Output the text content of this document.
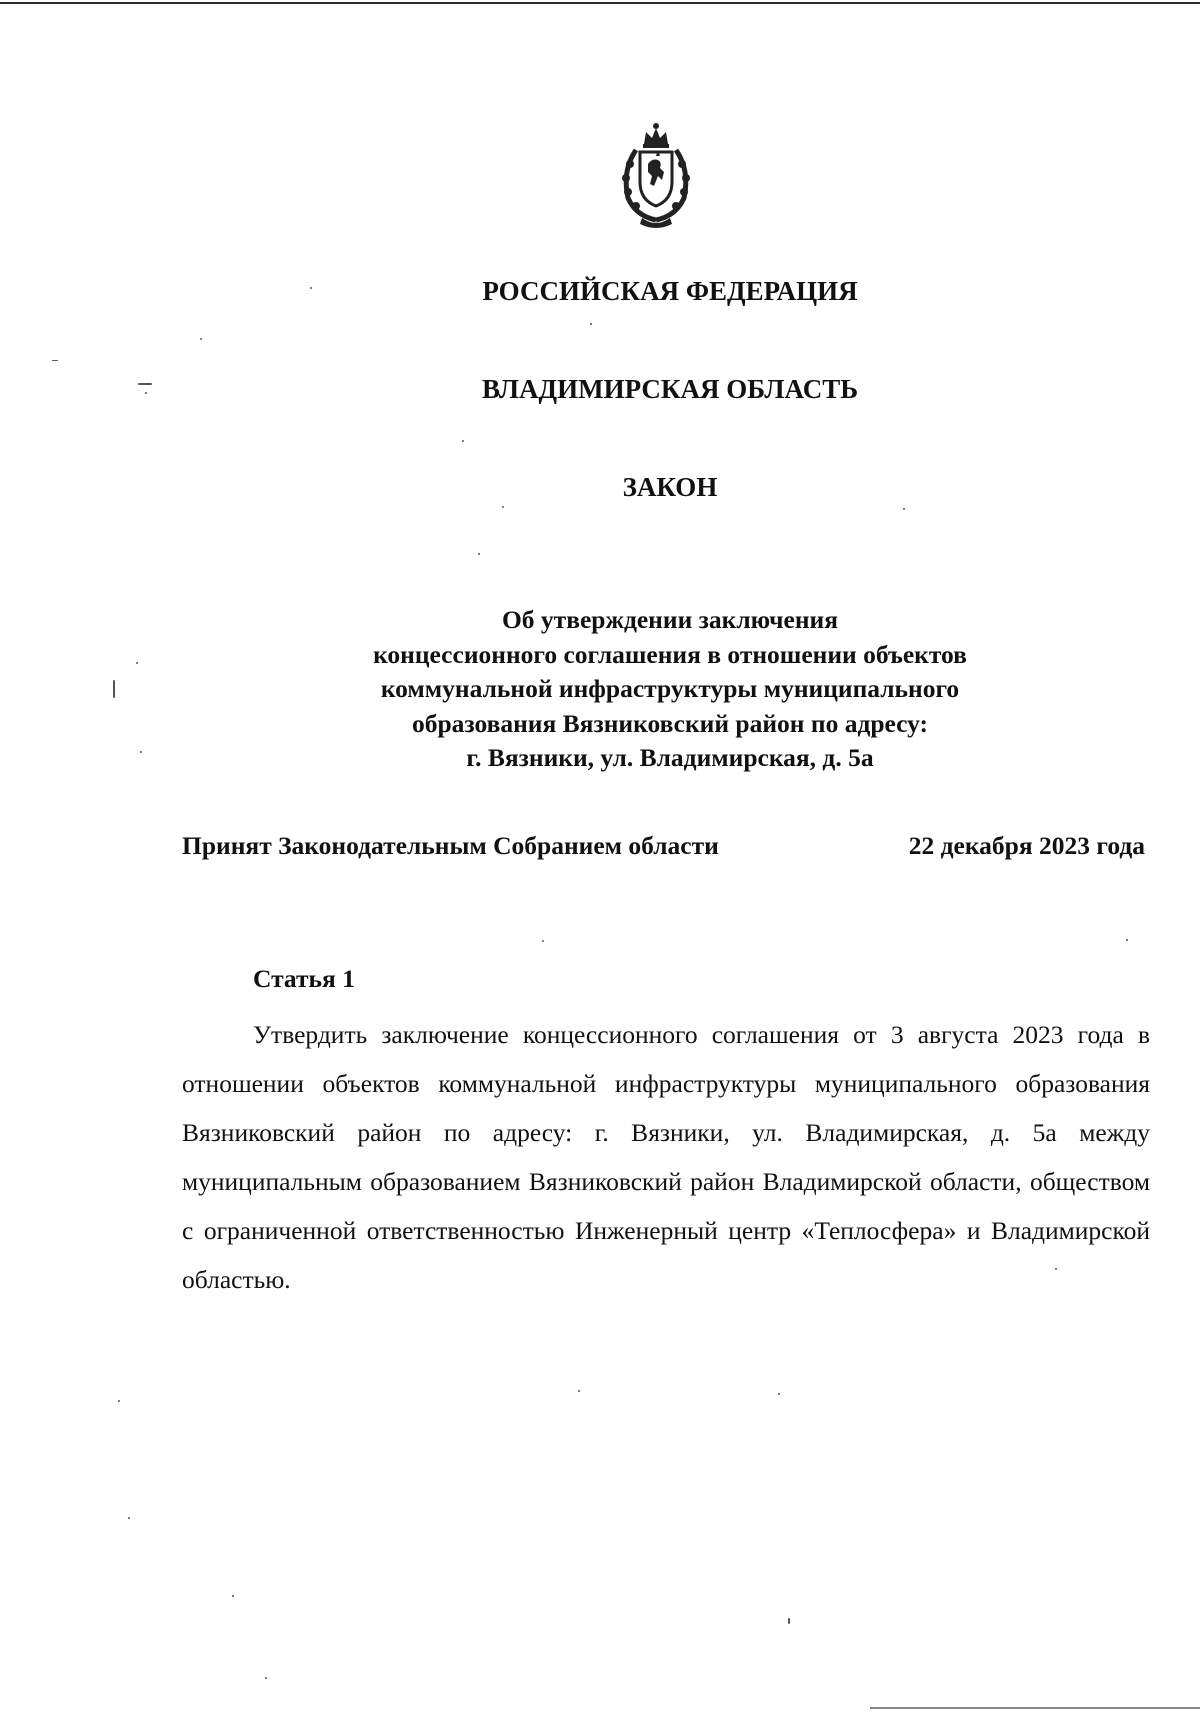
РОССИЙСКАЯ ФЕДЕРАЦИЯ
ВЛАДИМИРСКАЯ ОБЛАСТЬ
ЗАКОН
Об утверждении заключения
концессионного соглашения в отношении объектов
коммунальной инфраструктуры муниципального
образования Вязниковский район по адресу:
г. Вязники, ул. Владимирская, д. 5а
Принят Законодательным Собранием области	22 декабря 2023 года
Статья 1

Утвердить заключение концессионного соглашения от 3 августа 2023 года в отношении объектов коммунальной инфраструктуры муниципального образования Вязниковский район по адресу: г. Вязники, ул. Владимирская, д. 5а между муниципальным образованием Вязниковский район Владимирской области, обществом с ограниченной ответственностью Инженерный центр «Теплосфера» и Владимирской областью.
